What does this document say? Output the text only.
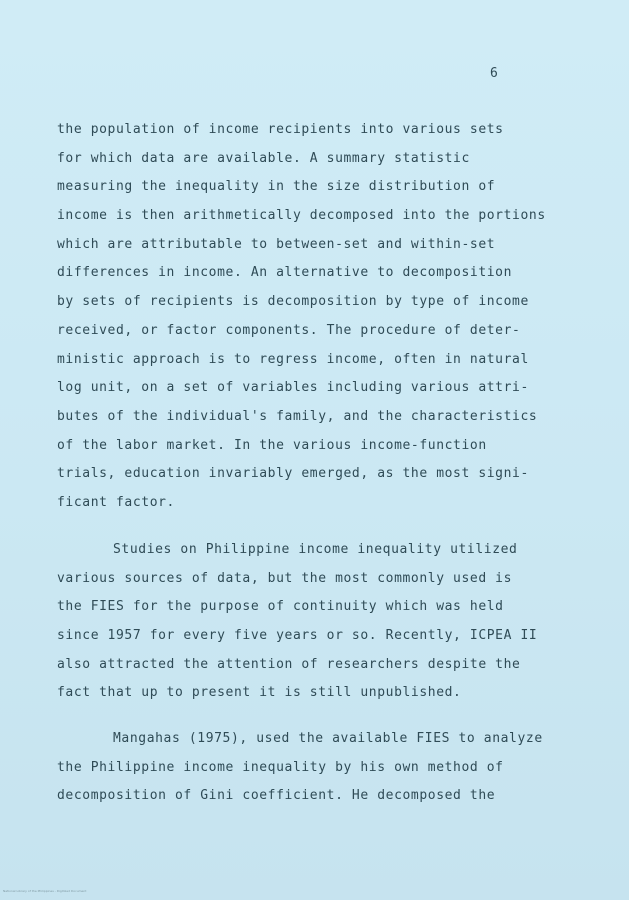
6
the population of income recipients into various sets
for which data are available. A summary statistic
measuring the inequality in the size distribution of
income is then arithmetically decomposed into the portions
which are attributable to between-set and within-set
differences in income. An alternative to decomposition
by sets of recipients is decomposition by type of income
received, or factor components. The procedure of deter-
ministic approach is to regress income, often in natural
log unit, on a set of variables including various attri-
butes of the individual's family, and the characteristics
of the labor market. In the various income-function
trials, education invariably emerged, as the most signi-
ficant factor.
Studies on Philippine income inequality utilized
various sources of data, but the most commonly used is
the FIES for the purpose of continuity which was held
since 1957 for every five years or so. Recently, ICPEA II
also attracted the attention of researchers despite the
fact that up to present it is still unpublished.
Mangahas (1975), used the available FIES to analyze
the Philippine income inequality by his own method of
decomposition of Gini coefficient. He decomposed the
National Library of the Philippines - Digitized Document
